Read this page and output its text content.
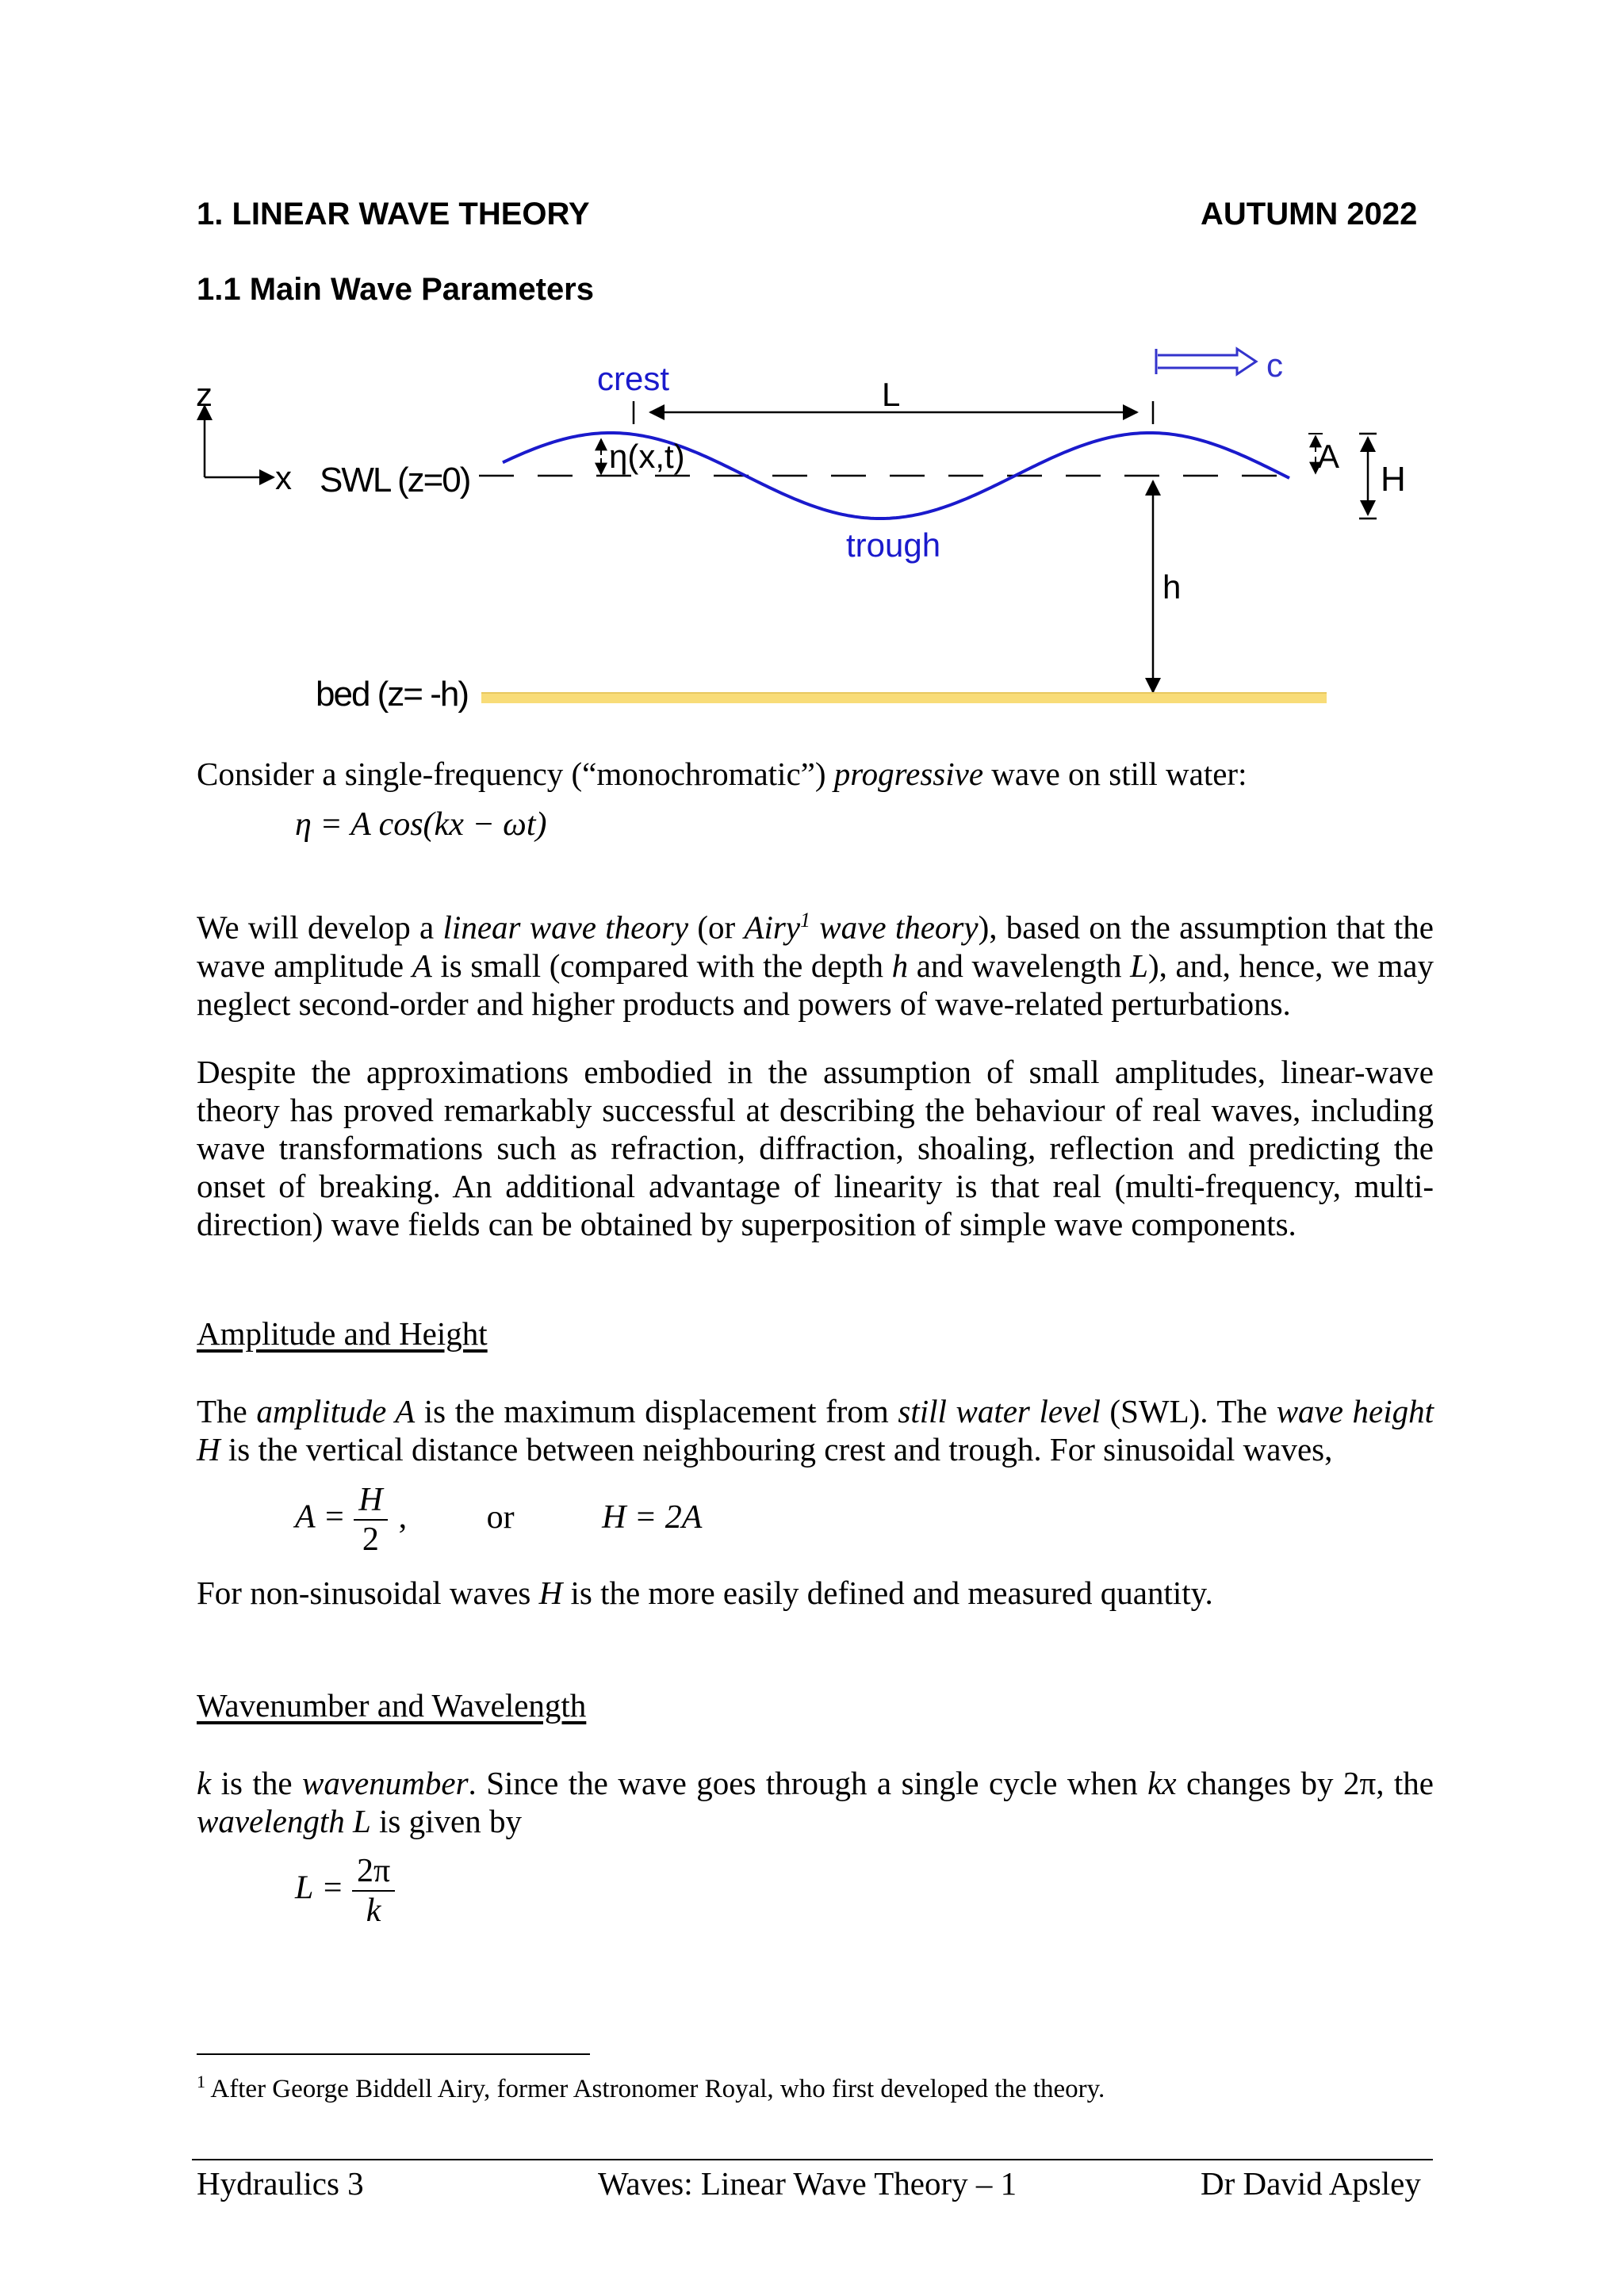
1. LINEAR WAVE THEORY	AUTUMN 2022
1.1 Main Wave Parameters
z
x SWL (z=0)
crest
trough
η(x,t)
L
c
A
H
h
bed (z= -h)
Consider a single-frequency (“monochromatic”) progressive wave on still water:
η = A cos(kx − ωt)
We will develop a linear wave theory (or Airy$^1$ wave theory), based on the assumption that the wave amplitude A is small (compared with the depth h and wavelength L), and, hence, we may neglect second-order and higher products and powers of wave-related perturbations.
Despite the approximations embodied in the assumption of small amplitudes, linear-wave theory has proved remarkably successful at describing the behaviour of real waves, including wave transformations such as refraction, diffraction, shoaling, reflection and predicting the onset of breaking. An additional advantage of linearity is that real (multi-frequency, multi-direction) wave fields can be obtained by superposition of simple wave components.
Amplitude and Height
The amplitude A is the maximum displacement from still water level (SWL). The wave height H is the vertical distance between neighbouring crest and trough. For sinusoidal waves,
$A = \frac{H}{2}$ , or	H = 2A
For non-sinusoidal waves H is the more easily defined and measured quantity.
Wavenumber and Wavelength
k is the wavenumber. Since the wave goes through a single cycle when kx changes by 2π, the wavelength L is given by
$L = \frac{2\pi}{k}$
$^1$ After George Biddell Airy, former Astronomer Royal, who first developed the theory.
Hydraulics 3	Waves: Linear Wave Theory – 1	Dr David Apsley
